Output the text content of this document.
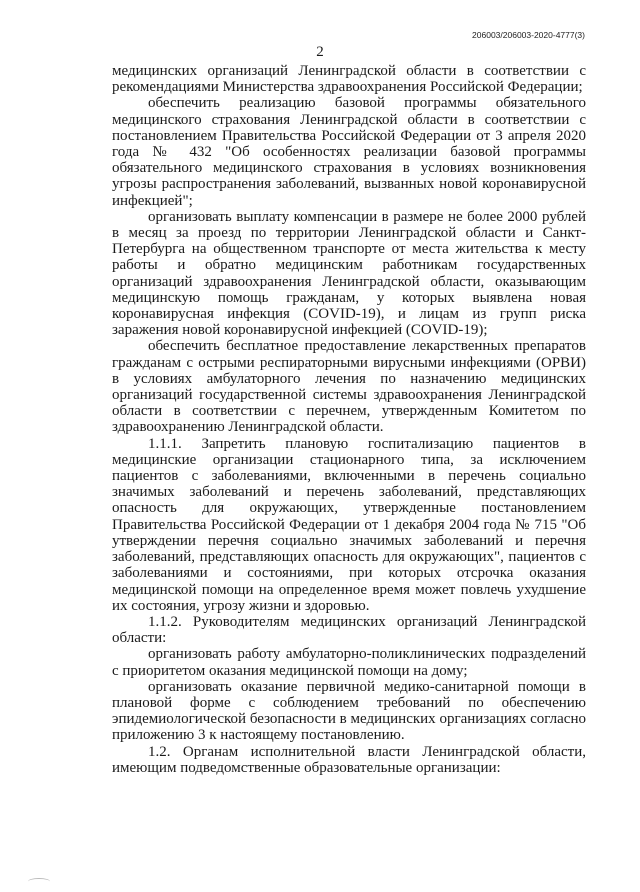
206003/206003-2020-4777(3)
2

медицинских организаций Ленинградской области в соответствии с рекомендациями Министерства здравоохранения Российской Федерации;

обеспечить реализацию базовой программы обязательного медицинского страхования Ленинградской области в соответствии с постановлением Правительства Российской Федерации от 3 апреля 2020 года № 432 "Об особенностях реализации базовой программы обязательного медицинского страхования в условиях возникновения угрозы распространения заболеваний, вызванных новой коронавирусной инфекцией";

организовать выплату компенсации в размере не более 2000 рублей в месяц за проезд по территории Ленинградской области и Санкт-Петербурга на общественном транспорте от места жительства к месту работы и обратно медицинским работникам государственных организаций здравоохранения Ленинградской области, оказывающим медицинскую помощь гражданам, у которых выявлена новая коронавирусная инфекция (COVID-19), и лицам из групп риска заражения новой коронавирусной инфекцией (COVID-19);

обеспечить бесплатное предоставление лекарственных препаратов гражданам с острыми респираторными вирусными инфекциями (ОРВИ) в условиях амбулаторного лечения по назначению медицинских организаций государственной системы здравоохранения Ленинградской области в соответствии с перечнем, утвержденным Комитетом по здравоохранению Ленинградской области.

1.1.1. Запретить плановую госпитализацию пациентов в медицинские организации стационарного типа, за исключением пациентов с заболеваниями, включенными в перечень социально значимых заболеваний и перечень заболеваний, представляющих опасность для окружающих, утвержденные постановлением Правительства Российской Федерации от 1 декабря 2004 года № 715 "Об утверждении перечня социально значимых заболеваний и перечня заболеваний, представляющих опасность для окружающих", пациентов с заболеваниями и состояниями, при которых отсрочка оказания медицинской помощи на определенное время может повлечь ухудшение их состояния, угрозу жизни и здоровью.

1.1.2. Руководителям медицинских организаций Ленинградской области:

организовать работу амбулаторно-поликлинических подразделений с приоритетом оказания медицинской помощи на дому;

организовать оказание первичной медико-санитарной помощи в плановой форме с соблюдением требований по обеспечению эпидемиологической безопасности в медицинских организациях согласно приложению 3 к настоящему постановлению.

1.2. Органам исполнительной власти Ленинградской области, имеющим подведомственные образовательные организации:
